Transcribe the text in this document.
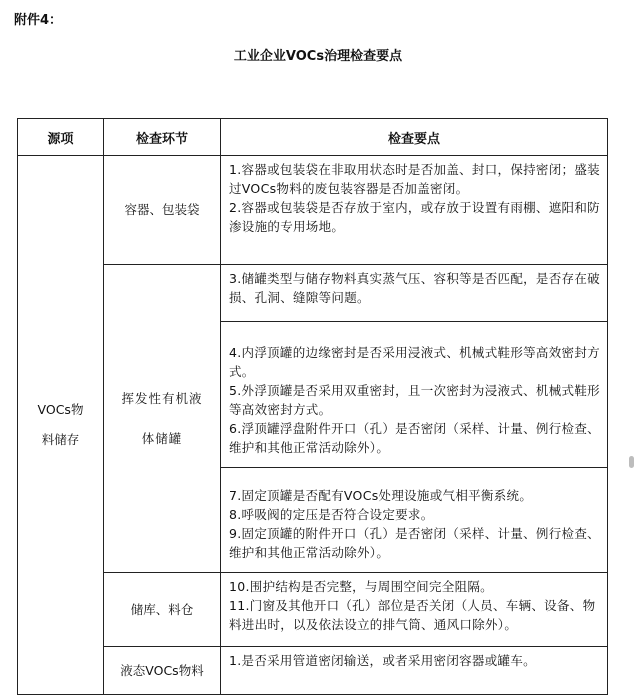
附件4：
工业企业VOCs治理检查要点
源项	检查环节	检查要点

VOCs物料储存	容器、包装袋	1.容器或包装袋在非取用状态时是否加盖、封口，保持密闭；盛装过VOCs物料的废包装容器是否加盖密闭。
2.容器或包装袋是否存放于室内，或存放于设置有雨棚、遮阳和防渗设施的专用场地。

	挥发性有机液体储罐	3.储罐类型与储存物料真实蒸气压、容积等是否匹配，是否存在破损、孔洞、缝隙等问题。

		4.内浮顶罐的边缘密封是否采用浸液式、机械式鞋形等高效密封方式。
5.外浮顶罐是否采用双重密封，且一次密封为浸液式、机械式鞋形等高效密封方式。
6.浮顶罐浮盘附件开口（孔）是否密闭（采样、计量、例行检查、维护和其他正常活动除外）。

		7.固定顶罐是否配有VOCs处理设施或气相平衡系统。
8.呼吸阀的定压是否符合设定要求。
9.固定顶罐的附件开口（孔）是否密闭（采样、计量、例行检查、维护和其他正常活动除外）。

	储库、料仓	10.围护结构是否完整，与周围空间完全阻隔。
11.门窗及其他开口（孔）部位是否关闭（人员、车辆、设备、物料进出时，以及依法设立的排气筒、通风口除外）。

	液态VOCs物料	1.是否采用管道密闭输送，或者采用密闭容器或罐车。
